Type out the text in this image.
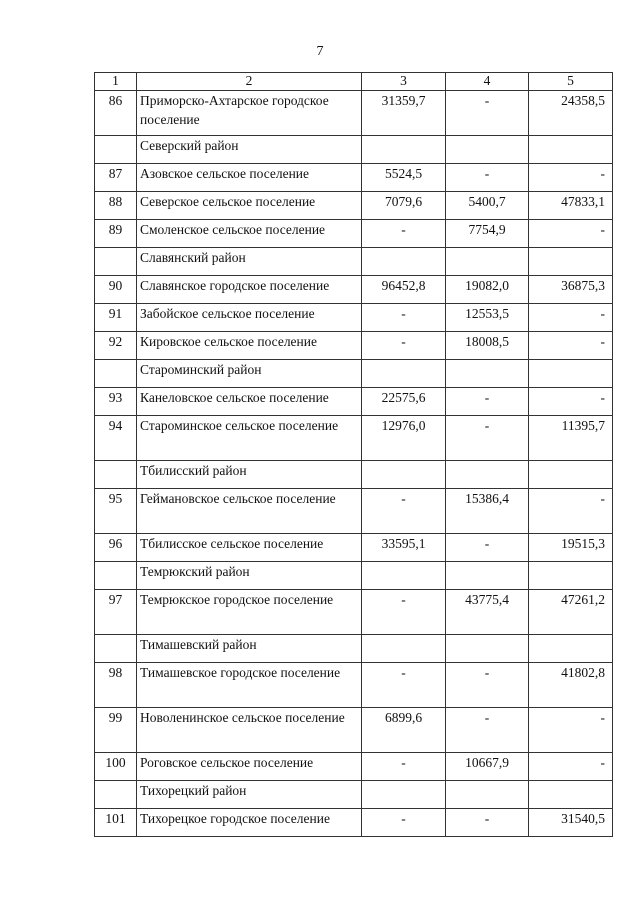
7
1	2	3	4	5
86	Приморско-Ахтарское городское поселение	31359,7	-	24358,5
	Северский район			
87	Азовское сельское поселение	5524,5	-	-
88	Северское сельское поселение	7079,6	5400,7	47833,1
89	Смоленское сельское поселение	-	7754,9	-
	Славянский район			
90	Славянское городское поселение	96452,8	19082,0	36875,3
91	Забойское сельское поселение	-	12553,5	-
92	Кировское сельское поселение	-	18008,5	-
	Староминский район			
93	Канеловское сельское поселение	22575,6	-	-
94	Староминское сельское поселение	12976,0	-	11395,7
	Тбилисский район			
95	Геймановское сельское поселение	-	15386,4	-
96	Тбилисское сельское поселение	33595,1	-	19515,3
	Темрюкский район			
97	Темрюкское городское поселение	-	43775,4	47261,2
	Тимашевский район			
98	Тимашевское городское поселение	-	-	41802,8
99	Новоленинское сельское поселение	6899,6	-	-
100	Роговское сельское поселение	-	10667,9	-
	Тихорецкий район			
101	Тихорецкое городское поселение	-	-	31540,5
